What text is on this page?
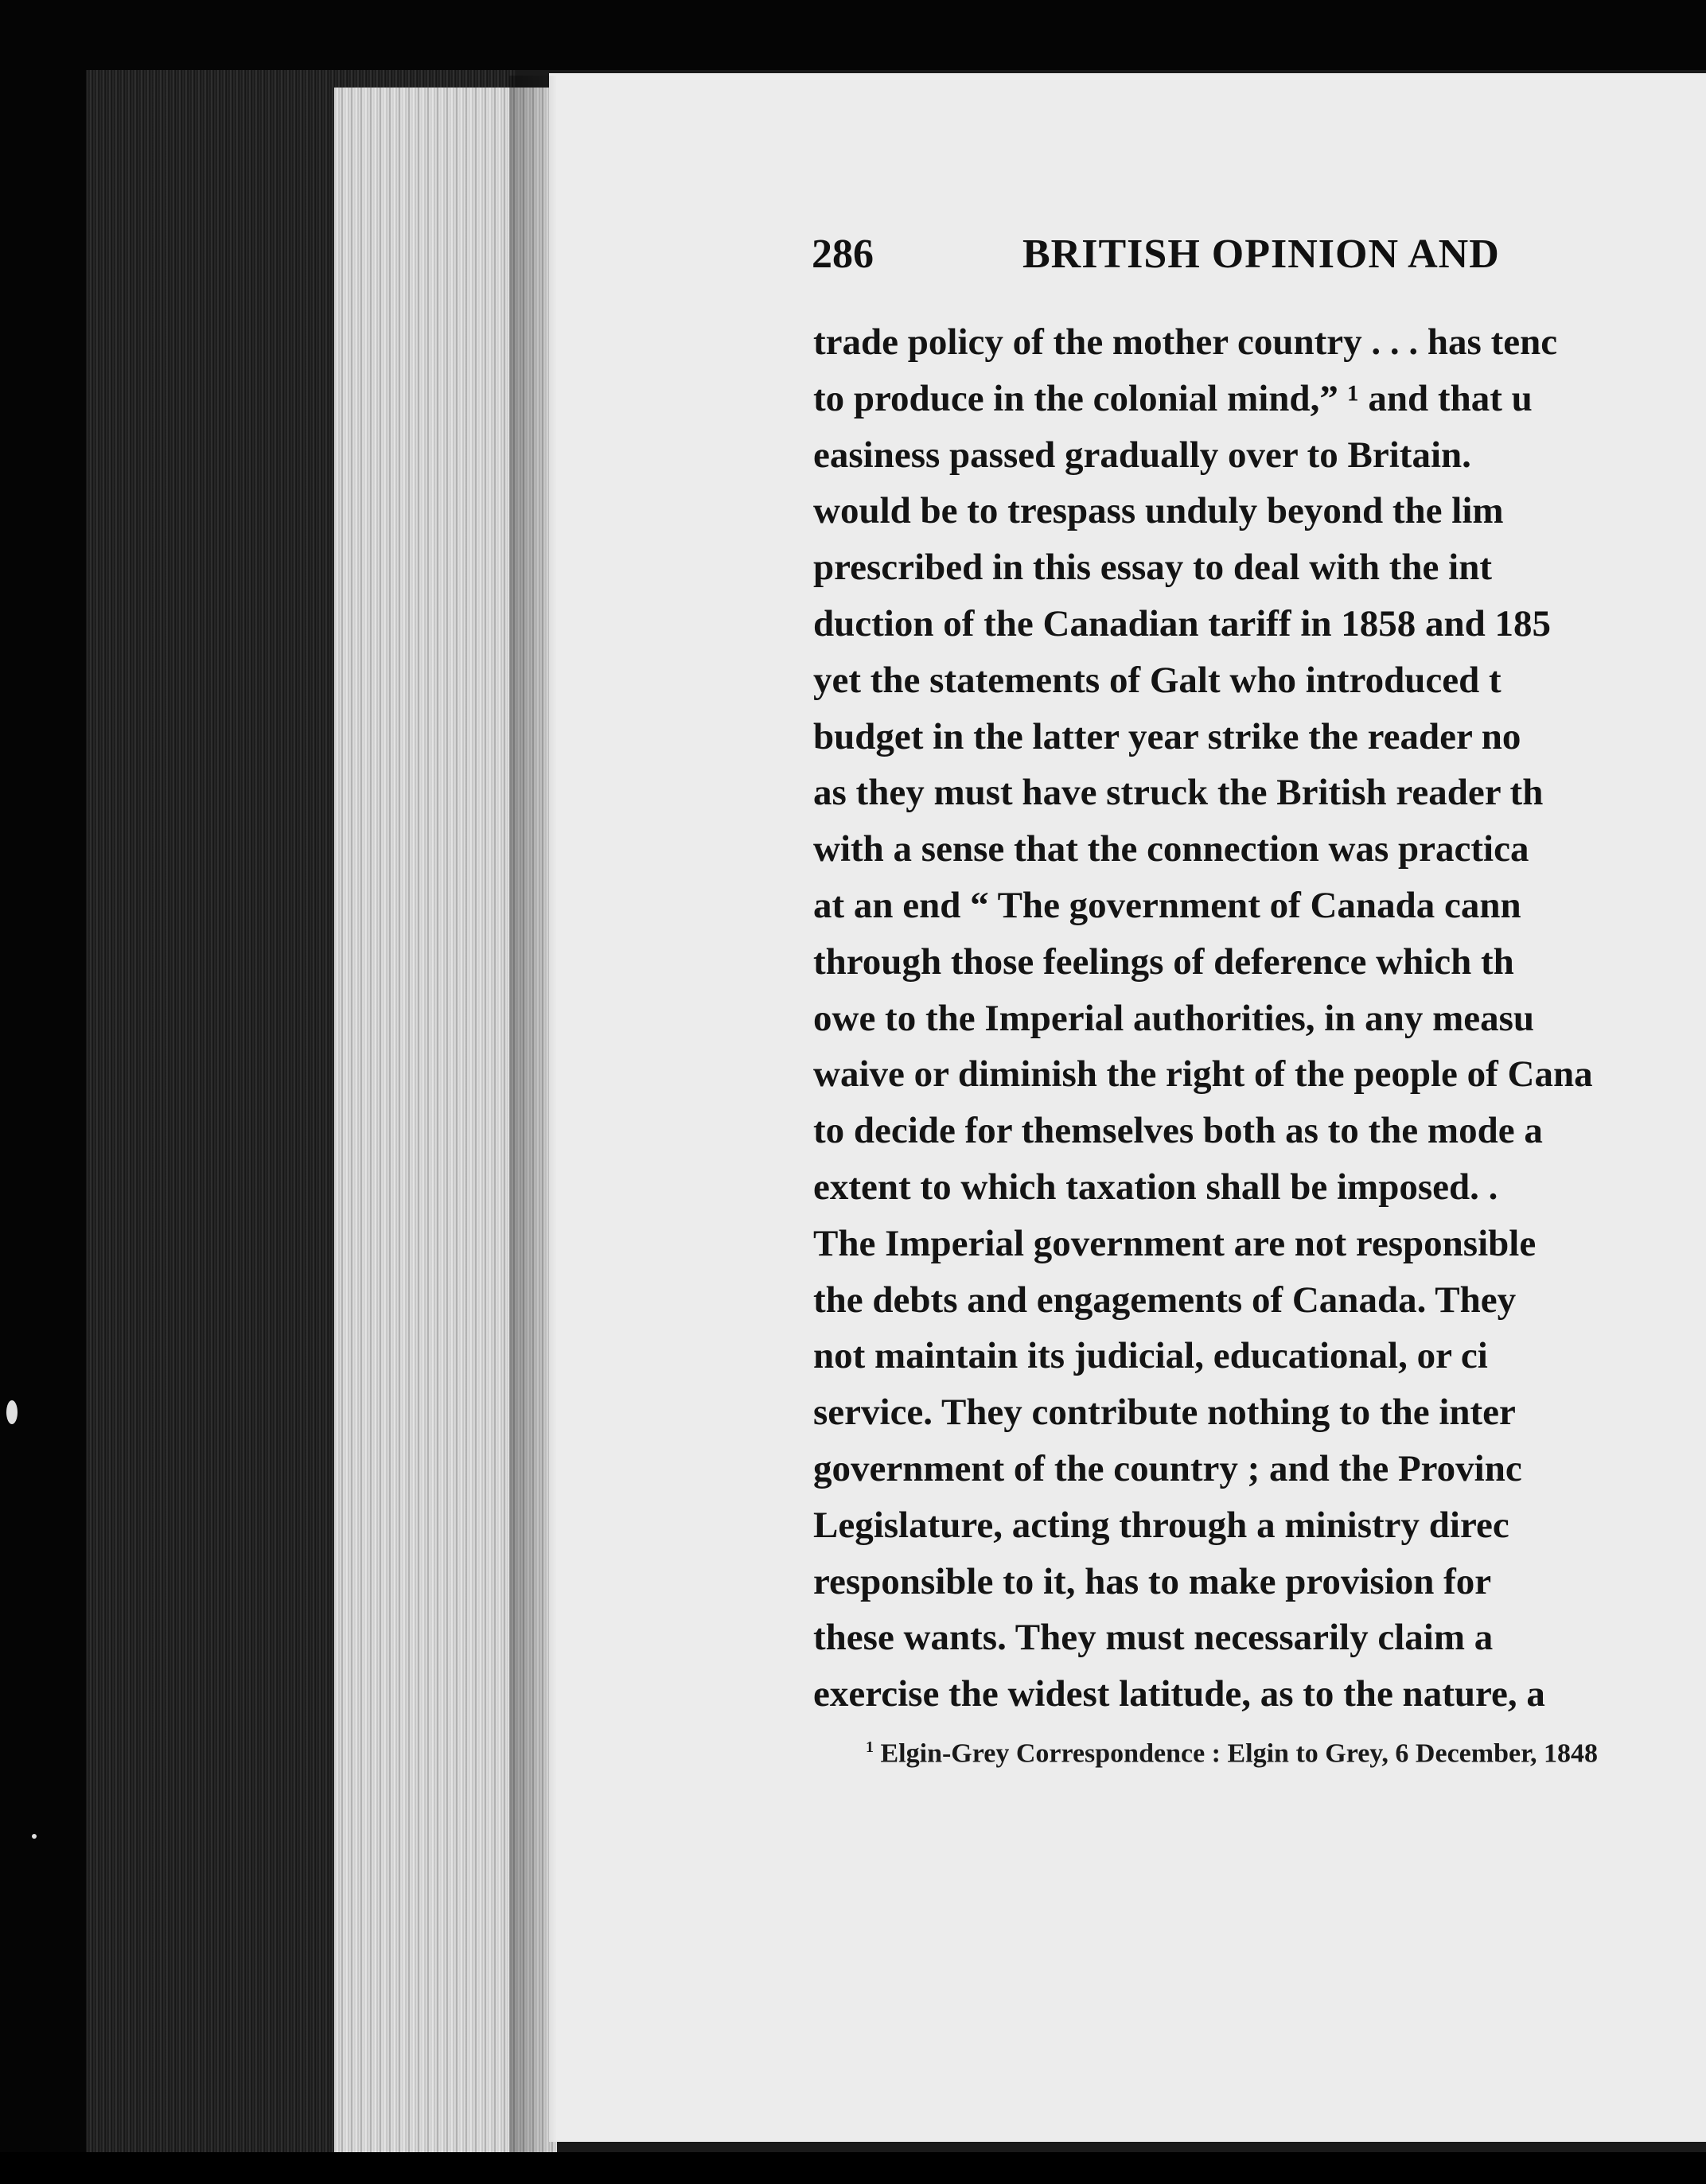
286	BRITISH OPINION AND
trade policy of the mother country . . . has tenc
to produce in the colonial mind,” ¹ and that u
easiness passed gradually over to Britain.
would be to trespass unduly beyond the lim
prescribed in this essay to deal with the int
duction of the Canadian tariff in 1858 and 185
yet the statements of Galt who introduced t
budget in the latter year strike the reader no
as they must have struck the British reader th
with a sense that the connection was practica
at an end “ The government of Canada cann
through those feelings of deference which th
owe to the Imperial authorities, in any measu
waive or diminish the right of the people of Cana
to decide for themselves both as to the mode a
extent to which taxation shall be imposed. .
The Imperial government are not responsible
the debts and engagements of Canada. They
not maintain its judicial, educational, or ci
service. They contribute nothing to the inter
government of the country ; and the Provinc
Legislature, acting through a ministry direc
responsible to it, has to make provision for
these wants. They must necessarily claim a
exercise the widest latitude, as to the nature, a
$^1$ Elgin-Grey Correspondence : Elgin to Grey, 6 December, 1848
